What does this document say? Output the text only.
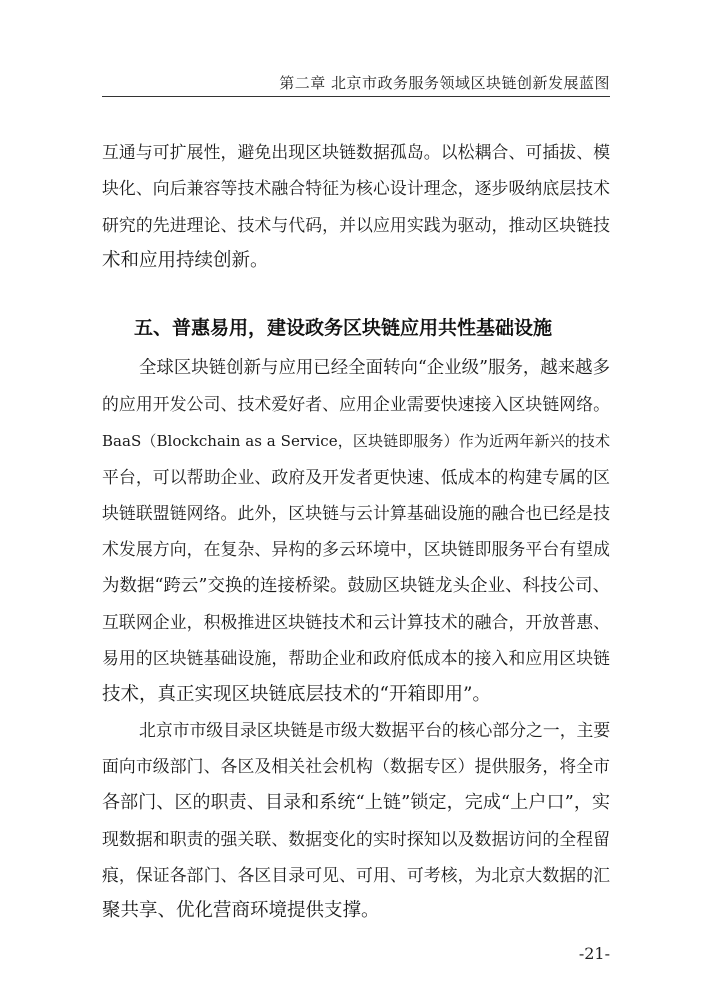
第二章 北京市政务服务领域区块链创新发展蓝图
互通与可扩展性，避免出现区块链数据孤岛。以松耦合、可插拔、模
块化、向后兼容等技术融合特征为核心设计理念，逐步吸纳底层技术
研究的先进理论、技术与代码，并以应用实践为驱动，推动区块链技
术和应用持续创新。
五、普惠易用，建设政务区块链应用共性基础设施
全球区块链创新与应用已经全面转向“企业级”服务，越来越多
的应用开发公司、技术爱好者、应用企业需要快速接入区块链网络。
BaaS（Blockchain as a Service，区块链即服务）作为近两年新兴的技术
平台，可以帮助企业、政府及开发者更快速、低成本的构建专属的区
块链联盟链网络。此外，区块链与云计算基础设施的融合也已经是技
术发展方向，在复杂、异构的多云环境中，区块链即服务平台有望成
为数据“跨云”交换的连接桥梁。鼓励区块链龙头企业、科技公司、
互联网企业，积极推进区块链技术和云计算技术的融合，开放普惠、
易用的区块链基础设施，帮助企业和政府低成本的接入和应用区块链
技术，真正实现区块链底层技术的“开箱即用”。
北京市市级目录区块链是市级大数据平台的核心部分之一，主要
面向市级部门、各区及相关社会机构（数据专区）提供服务，将全市
各部门、区的职责、目录和系统“上链”锁定，完成“上户口”，实
现数据和职责的强关联、数据变化的实时探知以及数据访问的全程留
痕，保证各部门、各区目录可见、可用、可考核，为北京大数据的汇
聚共享、优化营商环境提供支撑。
-21-
